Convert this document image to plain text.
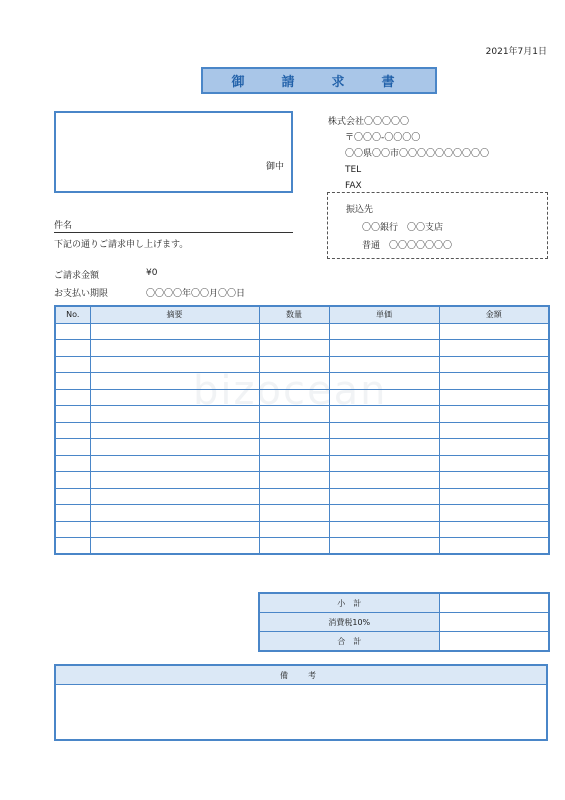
bizocean
2021年7月1日
御　請　求　書
御中
株式会社〇〇〇〇〇
〒〇〇〇-〇〇〇〇
〇〇県〇〇市〇〇〇〇〇〇〇〇〇〇
TEL
FAX
振込先
〇〇銀行　〇〇支店
普通　〇〇〇〇〇〇〇
件名
下記の通りご請求申し上げます。
ご請求金額	¥0
お支払い期限	〇〇〇〇年〇〇月〇〇日
No.	摘要	数量	単価	金額

小　計	
消費税10%	
合　計	
備　考
